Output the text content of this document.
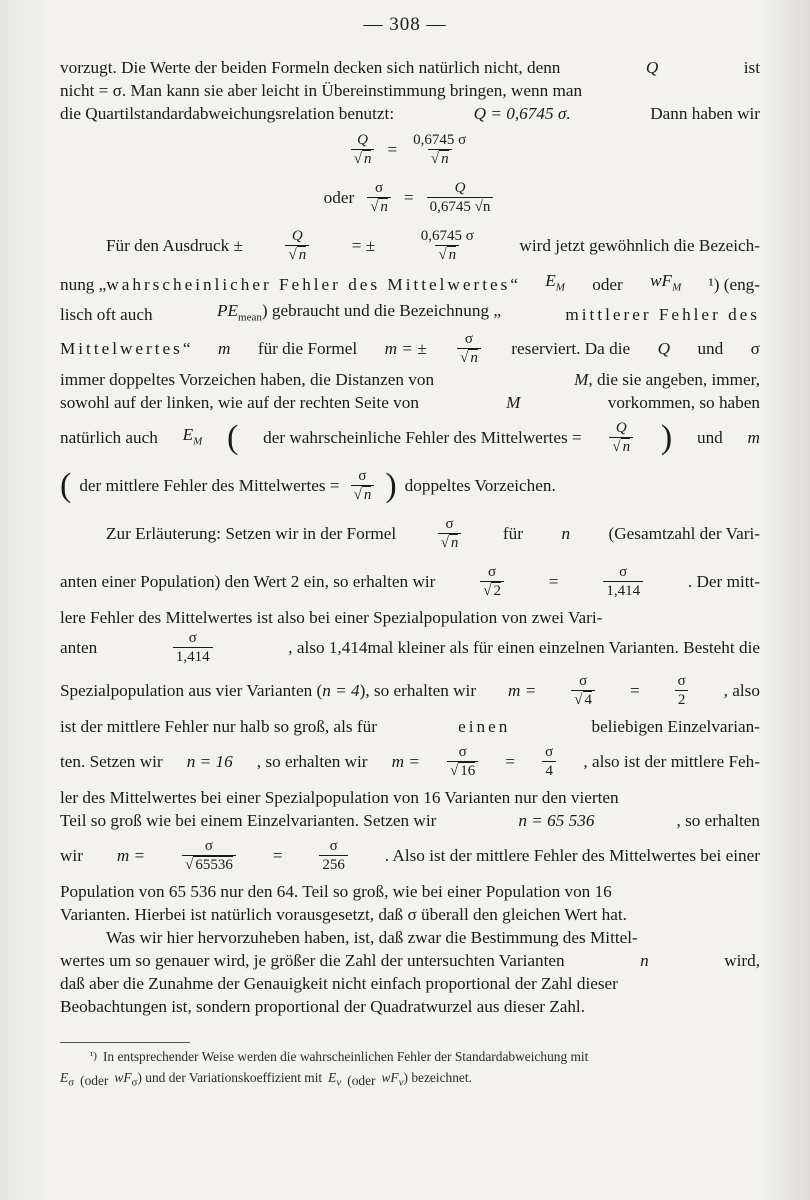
— 308 —
vorzugt. Die Werte der beiden Formeln decken sich natürlich nicht, denn	Q	ist
nicht = σ. Man kann sie aber leicht in Übereinstimmung bringen, wenn man
die Quartilstandardabweichungsrelation benutzt:	Q = 0,6745 σ.	Dann haben wir
$\frac{Q}{√ n} = \frac{0,6745 \sigma}{√ n}$
oder $\frac{\sigma}{√ n} = \frac{Q}{0,6745 √n}$
Für den Ausdruck ±	$\frac{Q}{√ n}$ = ±	$\frac{0,6745 \sigma}{√ n}$ wird jetzt gewöhnlich die Bezeich-
nung „wahrscheinlicher Fehler des Mittelwertes“ $E_M$ oder $wF_M$ ¹) (eng-
lisch oft auch	$PE_{mean}$) gebraucht und die Bezeichnung „	mittlerer Fehler des
Mittelwertes“ m für die Formel m = ± $\frac{\sigma}{√ n}$ reserviert. Da die Q und σ
immer doppeltes Vorzeichen haben, die Distanzen von	M, die sie angeben, immer,
sowohl auf der linken, wie auf der rechten Seite von	M	vorkommen, so haben
natürlich auch $E_M$ ( der wahrscheinliche Fehler des Mittelwertes = $\frac{Q}{√ n}$ ) und m
( der mittlere Fehler des Mittelwertes = $\frac{\sigma}{√ n}$ ) doppeltes Vorzeichen.
Zur Erläuterung: Setzen wir in der Formel	$\frac{\sigma}{√ n}$ für n (Gesamtzahl der Vari-
anten einer Population) den Wert 2 ein, so erhalten wir	$\frac{\sigma}{√ 2}$	=	$\frac{\sigma}{1,414}$	. Der mitt-
lere Fehler des Mittelwertes ist also bei einer Spezialpopulation von zwei Vari-
anten	$\frac{\sigma}{1,414}$	, also 1,414mal kleiner als für einen einzelnen Varianten. Besteht die
Spezialpopulation aus vier Varianten (n = 4), so erhalten wir $m = \frac{\sigma}{√ 4} = \frac{\sigma}{2}$ , also
ist der mittlere Fehler nur halb so groß, als für	einen	beliebigen Einzelvarian-
ten. Setzen wir n = 16 , so erhalten wir $m = \frac{\sigma}{√ 16} = \frac{\sigma}{4}$ , also ist der mittlere Feh-
ler des Mittelwertes bei einer Spezialpopulation von 16 Varianten nur den vierten
Teil so groß wie bei einem Einzelvarianten. Setzen wir	n = 65 536	, so erhalten
wir $m = \frac{\sigma}{√ 65536} = \frac{\sigma}{256}$ . Also ist der mittlere Fehler des Mittelwertes bei einer
Population von 65 536 nur den 64. Teil so groß, wie bei einer Population von 16
Varianten. Hierbei ist natürlich vorausgesetzt, daß σ überall den gleichen Wert hat.
Was wir hier hervorzuheben haben, ist, daß zwar die Bestimmung des Mittel-
wertes um so genauer wird, je größer die Zahl der untersuchten Varianten	n	wird,
daß aber die Zunahme der Genauigkeit nicht einfach proportional der Zahl dieser
Beobachtungen ist, sondern proportional der Quadratwurzel aus dieser Zahl.
¹) In entsprechender Weise werden die wahrscheinlichen Fehler der Standardabweichung mit
$E_\sigma$ (oder $wF_\sigma$) und der Variationskoeffizient mit $E_v$ (oder $wF_v$) bezeichnet.
